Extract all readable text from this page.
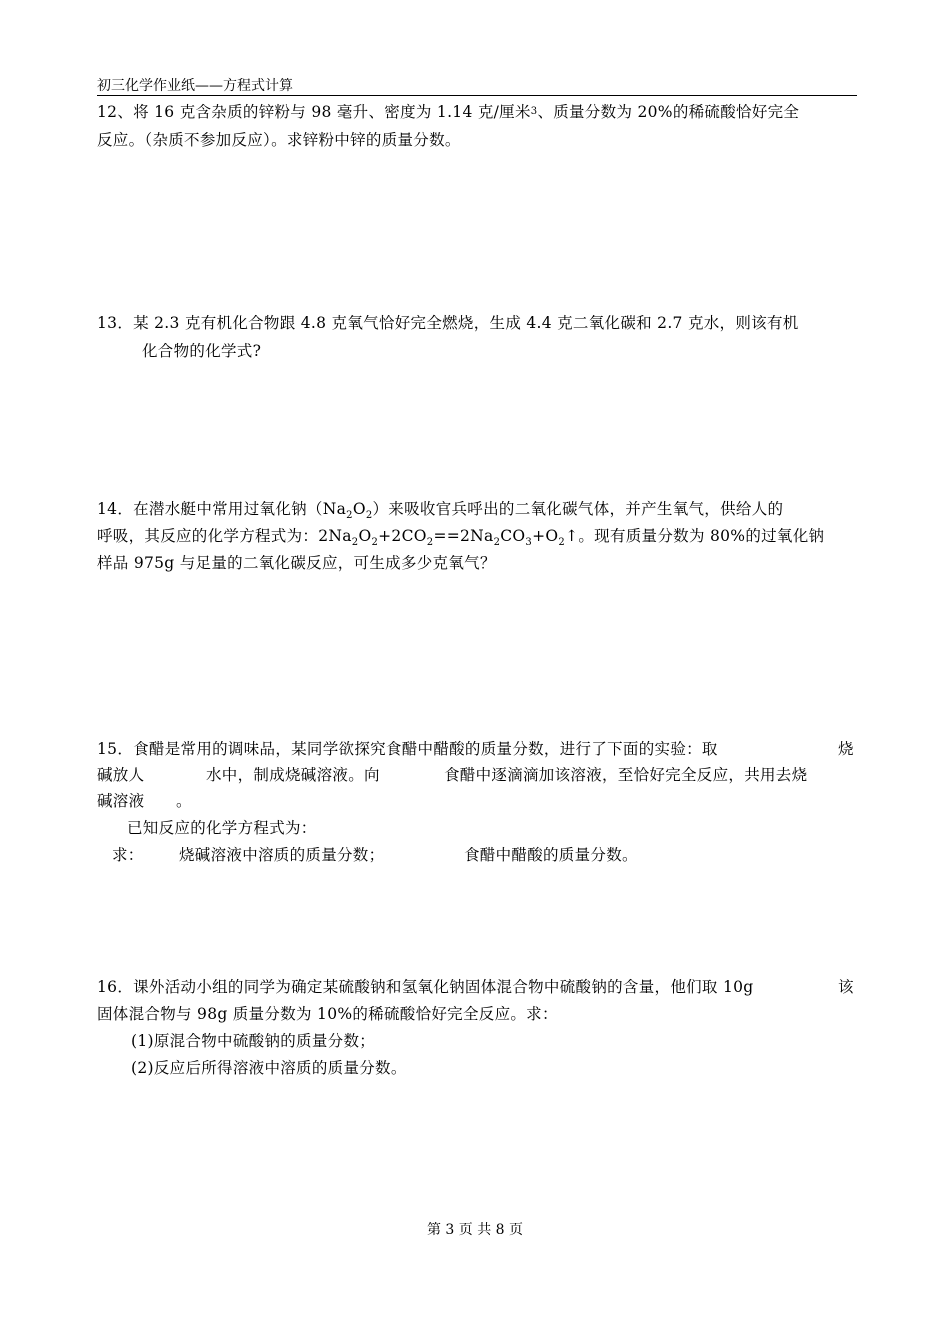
初三化学作业纸——方程式计算
12、将 16 克含杂质的锌粉与 98 毫升、密度为 1.14 克/厘米$^3$、质量分数为 20%的稀硫酸恰好完全
反应。（杂质不参加反应）。求锌粉中锌的质量分数。
13．某 2.3 克有机化合物跟 4.8 克氧气恰好完全燃烧，生成 4.4 克二氧化碳和 2.7 克水，则该有机
化合物的化学式?
14．在潜水艇中常用过氧化钠$(Na_2O_2)$来吸收官兵呼出的二氧化碳气体，并产生氧气，供给人的
呼吸，其反应的化学方程式为：$2Na_2O_2+2CO_2==2Na_2CO_3+O_2↑$。现有质量分数为 80%的过氧化钠
样品 975g 与足量的二氧化碳反应，可生成多少克氧气？
15．食醋是常用的调味品，某同学欲探究食醋中醋酸的质量分数，进行了下面的实验：取	烧
碱放人	水中，制成烧碱溶液。向	食醋中逐滴滴加该溶液，至恰好完全反应，共用去烧
碱溶液 。
已知反应的化学方程式为：
求： 烧碱溶液中溶质的质量分数；	食醋中醋酸的质量分数。
16．课外活动小组的同学为确定某硫酸钠和氢氧化钠固体混合物中硫酸钠的含量，他们取 10g	该
固体混合物与 98g 质量分数为 10%的稀硫酸恰好完全反应。求：
(1)原混合物中硫酸钠的质量分数；
(2)反应后所得溶液中溶质的质量分数。
第 3 页 共 8 页
